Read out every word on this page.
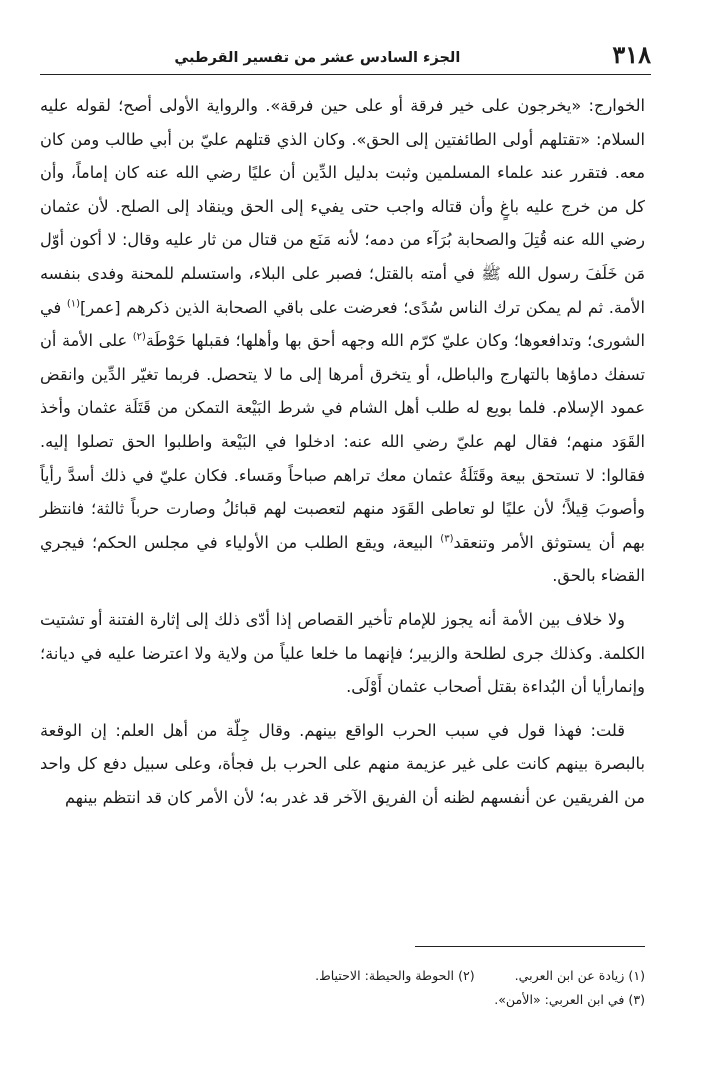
٣١٨
الجزء السادس عشر من تفسير القرطبي

الخوارج: «يخرجون على خير فرقة أو على حين فرقة». والرواية الأولى أصح؛ لقوله عليه السلام: «تقتلهم أولى الطائفتين إلى الحق». وكان الذي قتلهم عليّ بن أبي طالب ومن كان معه. فتقرر عند علماء المسلمين وثبت بدليل الدِّين أن عليًا رضي الله عنه كان إماماً، وأن كل من خرج عليه باغٍ وأن قتاله واجب حتى يفيء إلى الحق وينقاد إلى الصلح. لأن عثمان رضي الله عنه قُتِلَ والصحابة بُرَآء من دمه؛ لأنه مَنَع من قتال من ثار عليه وقال: لا أكون أوّل مَن خَلَفَ رسول الله ﷺ في أمته بالقتل؛ فصبر على البلاء، واستسلم للمحنة وفدى بنفسه الأمة. ثم لم يمكن ترك الناس سُدًى؛ فعرضت على باقي الصحابة الذين ذكرهم [عمر]$^{(١)}$ في الشورى؛ وتدافعوها؛ وكان عليّ كرّم الله وجهه أحق بها وأهلها؛ فقبلها حَوْطَة$^{(٢)}$ على الأمة أن تسفك دماؤها بالتهارج والباطل، أو يتخرق أمرها إلى ما لا يتحصل. فربما تغيّر الدِّين وانقض عمود الإسلام. فلما بويع له طلب أهل الشام في شرط البَيْعة التمكن من قَتَلَة عثمان وأخذ القَوَد منهم؛ فقال لهم عليّ رضي الله عنه: ادخلوا في البَيْعة واطلبوا الحق تصلوا إليه. فقالوا: لا تستحق بيعة وقَتَلَةُ عثمان معك تراهم صباحاً ومَساء. فكان عليّ في ذلك أسدَّ رأياً وأصوبَ قِيلاً؛ لأن عليًا لو تعاطى القَوَد منهم لتعصبت لهم قبائلُ وصارت حرباً ثالثة؛ فانتظر بهم أن يستوثق الأمر وتنعقد$^{(٣)}$ البيعة، ويقع الطلب من الأولياء في مجلس الحكم؛ فيجري القضاء بالحق.

ولا خلاف بين الأمة أنه يجوز للإمام تأخير القصاص إذا أدّى ذلك إلى إثارة الفتنة أو تشتيت الكلمة. وكذلك جرى لطلحة والزبير؛ فإنهما ما خلعا علياً من ولاية ولا اعترضا عليه في ديانة؛ وإنمارأيا أن البُداءة بقتل أصحاب عثمان أَوْلَى.

قلت: فهذا قول في سبب الحرب الواقع بينهم. وقال جِلّة من أهل العلم: إن الوقعة بالبصرة بينهم كانت على غير عزيمة منهم على الحرب بل فجأة، وعلى سبيل دفع كل واحد من الفريقين عن أنفسهم لظنه أن الفريق الآخر قد غدر به؛ لأن الأمر كان قد انتظم بينهم

(١) زيادة عن ابن العربي.
(٢) الحوطة والحيطة: الاحتياط.
(٣) في ابن العربي: «الأمن».
